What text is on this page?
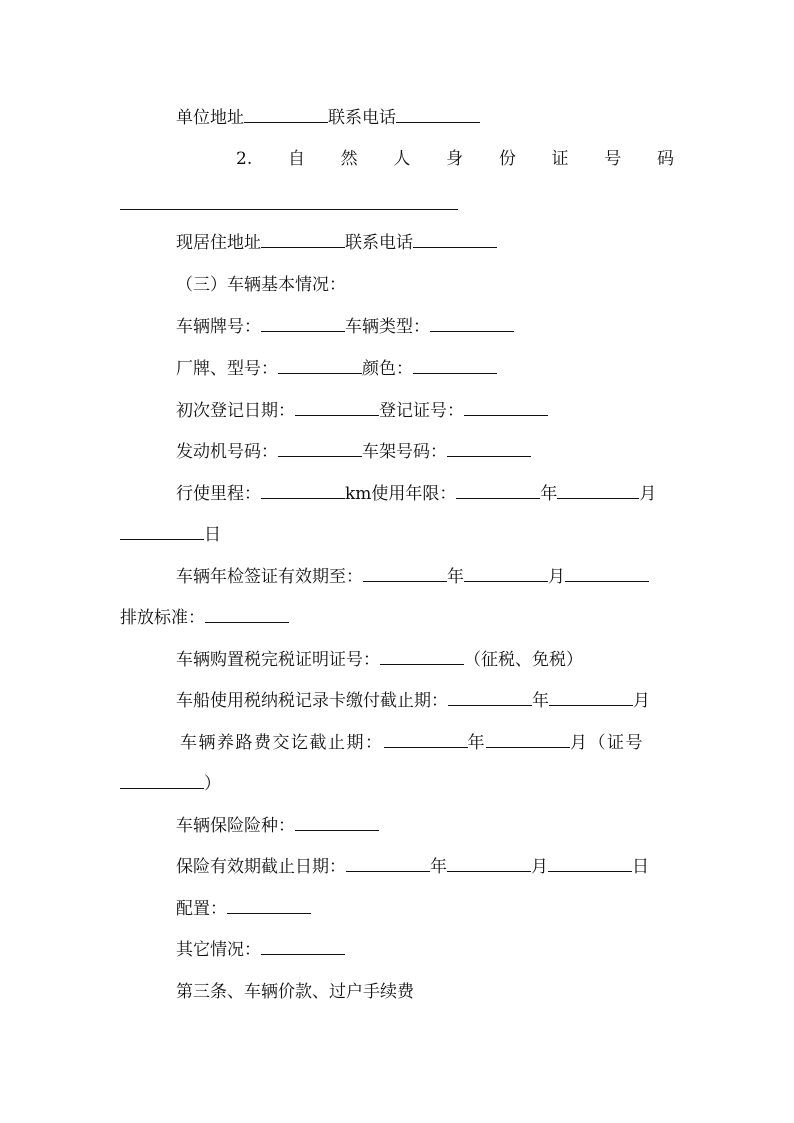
单位地址	联系电话
2. 自 然 人 身 份 证 号 码
现居住地址	联系电话
（三）车辆基本情况：
车辆牌号：	车辆类型：
厂牌、型号：	颜色：
初次登记日期：	登记证号：
发动机号码：	车架号码：
行使里程：	km使用年限：	年	月
日
车辆年检签证有效期至：	年	月
排放标准：
车辆购置税完税证明证号：	（征税、免税）
车船使用税纳税记录卡缴付截止期：	年	月
车辆养路费交讫截止期：	年	月（证号
）
车辆保险险种：
保险有效期截止日期：	年	月	日
配置：
其它情况：
第三条、车辆价款、过户手续费
